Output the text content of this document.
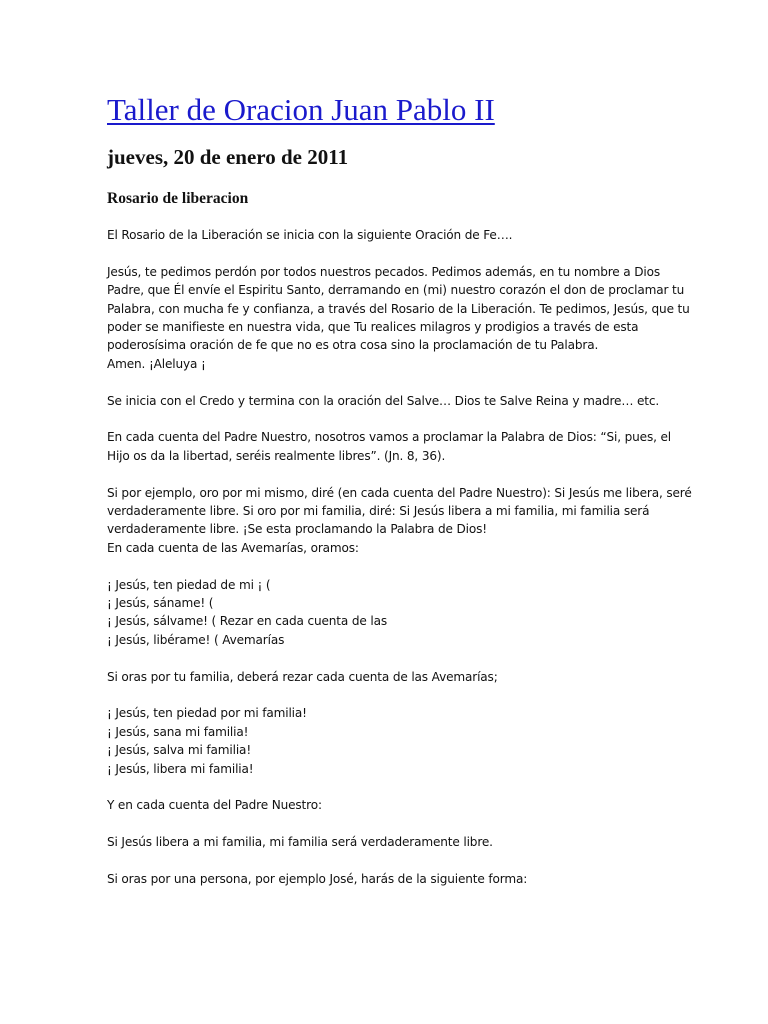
Taller de Oracion Juan Pablo II
jueves, 20 de enero de 2011
Rosario de liberacion

El Rosario de la Liberación se inicia con la siguiente Oración de Fe….

Jesús, te pedimos perdón por todos nuestros pecados. Pedimos además, en tu nombre a Dios
Padre, que Él envíe el Espiritu Santo, derramando en (mi) nuestro corazón el don de proclamar tu
Palabra, con mucha fe y confianza, a través del Rosario de la Liberación. Te pedimos, Jesús, que tu
poder se manifieste en nuestra vida, que Tu realices milagros y prodigios a través de esta
poderosísima oración de fe que no es otra cosa sino la proclamación de tu Palabra.
Amen. ¡Aleluya ¡

Se inicia con el Credo y termina con la oración del Salve… Dios te Salve Reina y madre… etc.

En cada cuenta del Padre Nuestro, nosotros vamos a proclamar la Palabra de Dios: “Si, pues, el
Hijo os da la libertad, seréis realmente libres”. (Jn. 8, 36).

Si por ejemplo, oro por mi mismo, diré (en cada cuenta del Padre Nuestro): Si Jesús me libera, seré
verdaderamente libre. Si oro por mi familia, diré: Si Jesús libera a mi familia, mi familia será
verdaderamente libre. ¡Se esta proclamando la Palabra de Dios!
En cada cuenta de las Avemarías, oramos:

¡ Jesús, ten piedad de mi ¡ (
¡ Jesús, sáname! (
¡ Jesús, sálvame! ( Rezar en cada cuenta de las
¡ Jesús, libérame! ( Avemarías

Si oras por tu familia, deberá rezar cada cuenta de las Avemarías;

¡ Jesús, ten piedad por mi familia!
¡ Jesús, sana mi familia!
¡ Jesús, salva mi familia!
¡ Jesús, libera mi familia!

Y en cada cuenta del Padre Nuestro:

Si Jesús libera a mi familia, mi familia será verdaderamente libre.

Si oras por una persona, por ejemplo José, harás de la siguiente forma:
